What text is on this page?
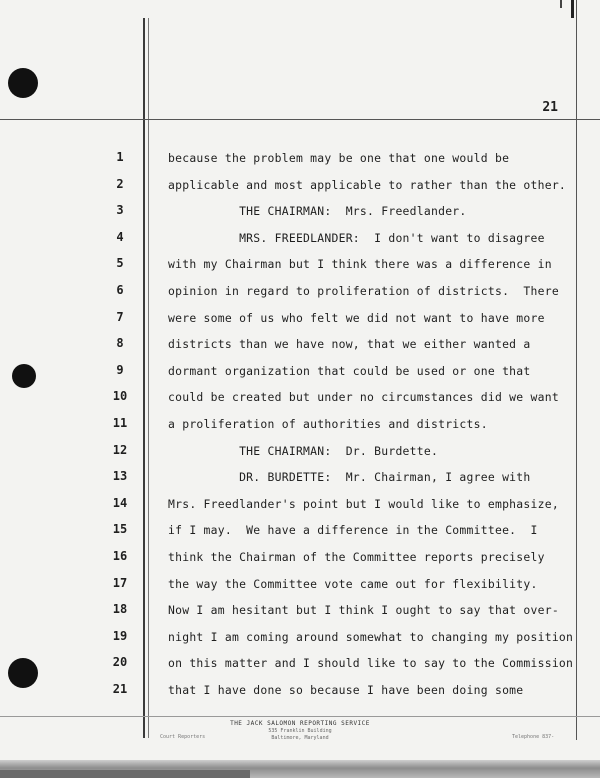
21
1	because the problem may be one that one would be
2	applicable and most applicable to rather than the other.
3	THE CHAIRMAN:  Mrs. Freedlander.
4	MRS. FREEDLANDER:  I don't want to disagree
5	with my Chairman but I think there was a difference in
6	opinion in regard to proliferation of districts.  There
7	were some of us who felt we did not want to have more
8	districts than we have now, that we either wanted a
9	dormant organization that could be used or one that
10	could be created but under no circumstances did we want
11	a proliferation of authorities and districts.
12	THE CHAIRMAN:  Dr. Burdette.
13	DR. BURDETTE:  Mr. Chairman, I agree with
14	Mrs. Freedlander's point but I would like to emphasize,
15	if I may.  We have a difference in the Committee.  I
16	think the Chairman of the Committee reports precisely
17	the way the Committee vote came out for flexibility.
18	Now I am hesitant but I think I ought to say that over-
19	night I am coming around somewhat to changing my position
20	on this matter and I should like to say to the Commission
21	that I have done so because I have been doing some
THE JACK SALOMON REPORTING SERVICE
535 Franklin Building
Baltimore, Maryland
Court Reporters	Telephone 837-
